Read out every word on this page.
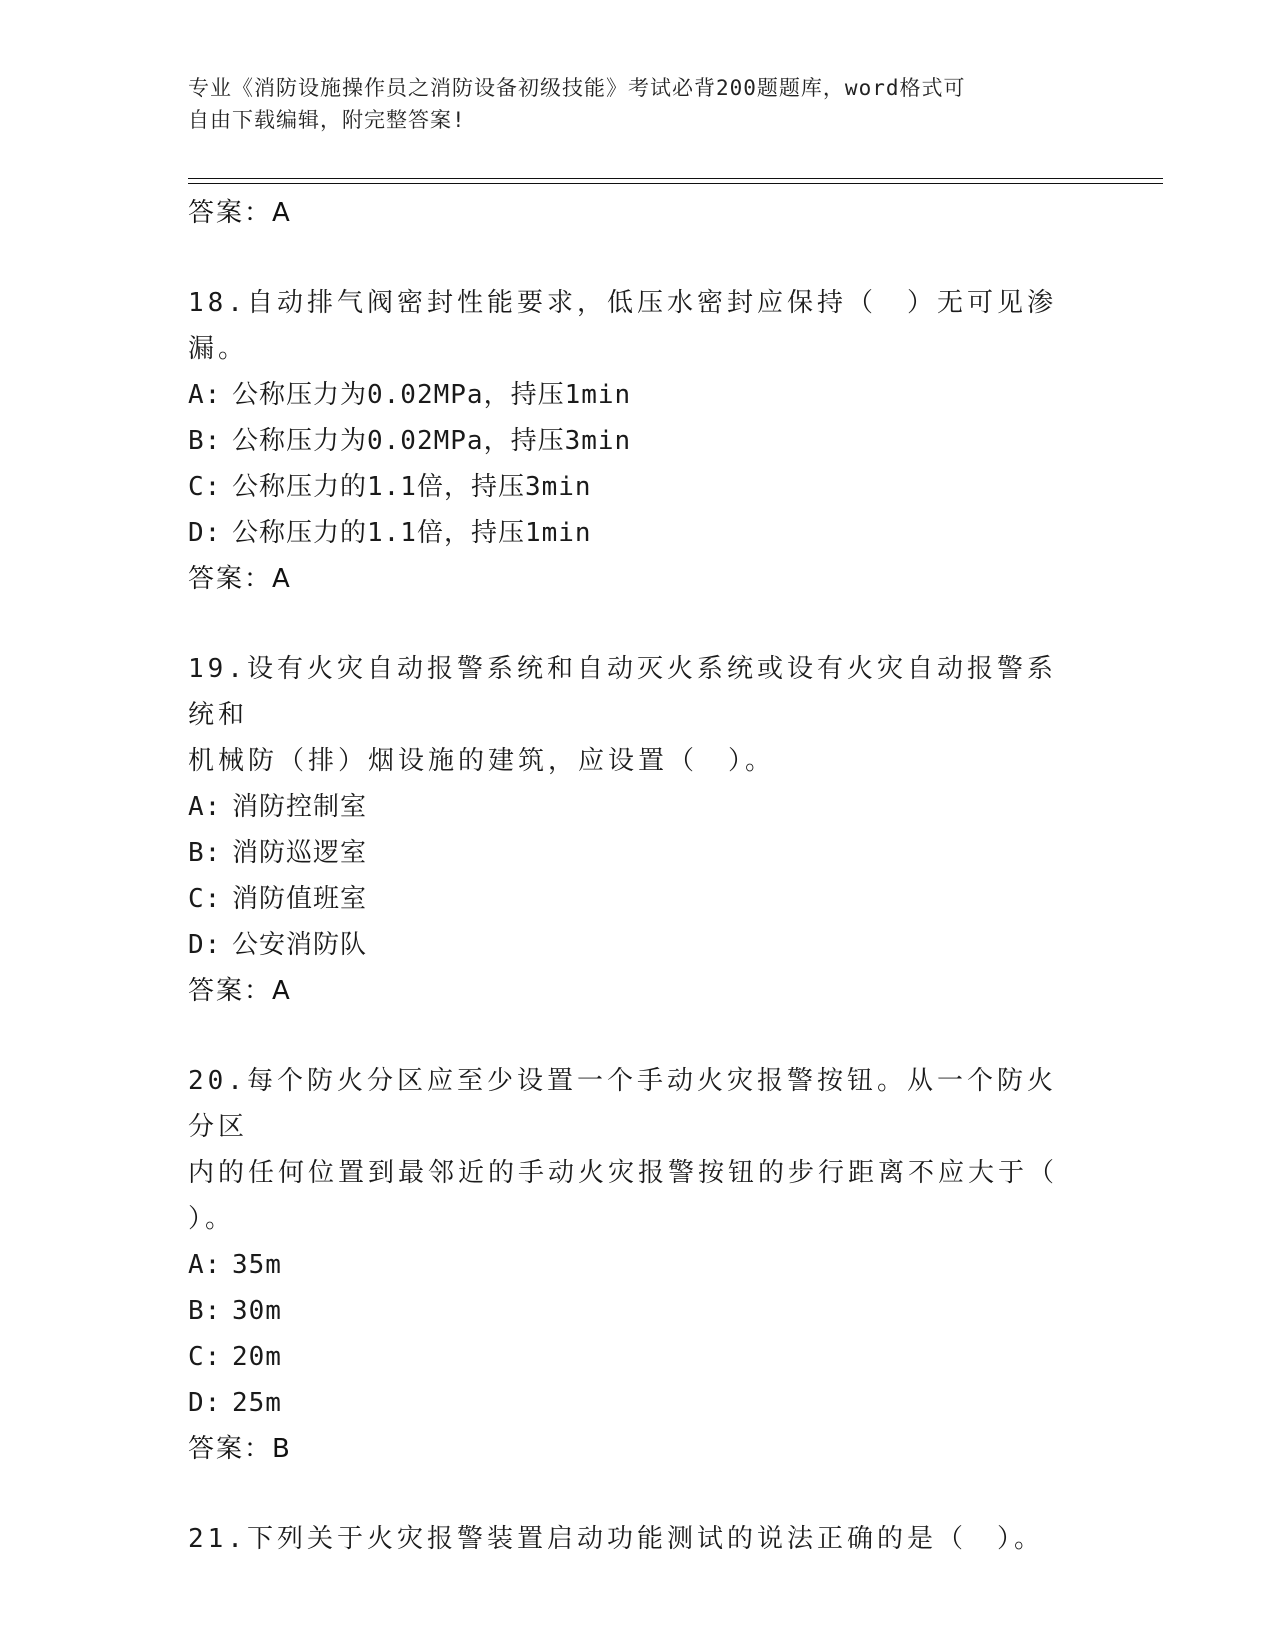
专业《消防设施操作员之消防设备初级技能》考试必背200题题库，word格式可
自由下载编辑，附完整答案!
答案：A
18.自动排气阀密封性能要求，低压水密封应保持（　）无可见渗漏。
A: 公称压力为0.02MPa，持压1min
B: 公称压力为0.02MPa，持压3min
C: 公称压力的1.1倍，持压3min
D: 公称压力的1.1倍，持压1min
答案：A
19.设有火灾自动报警系统和自动灭火系统或设有火灾自动报警系统和
机械防（排）烟设施的建筑，应设置（　）。
A: 消防控制室
B: 消防巡逻室
C: 消防值班室
D: 公安消防队
答案：A
20.每个防火分区应至少设置一个手动火灾报警按钮。从一个防火分区
内的任何位置到最邻近的手动火灾报警按钮的步行距离不应大于（
）。
A: 35m
B: 30m
C: 20m
D: 25m
答案：B
21.下列关于火灾报警装置启动功能测试的说法正确的是（　）。
